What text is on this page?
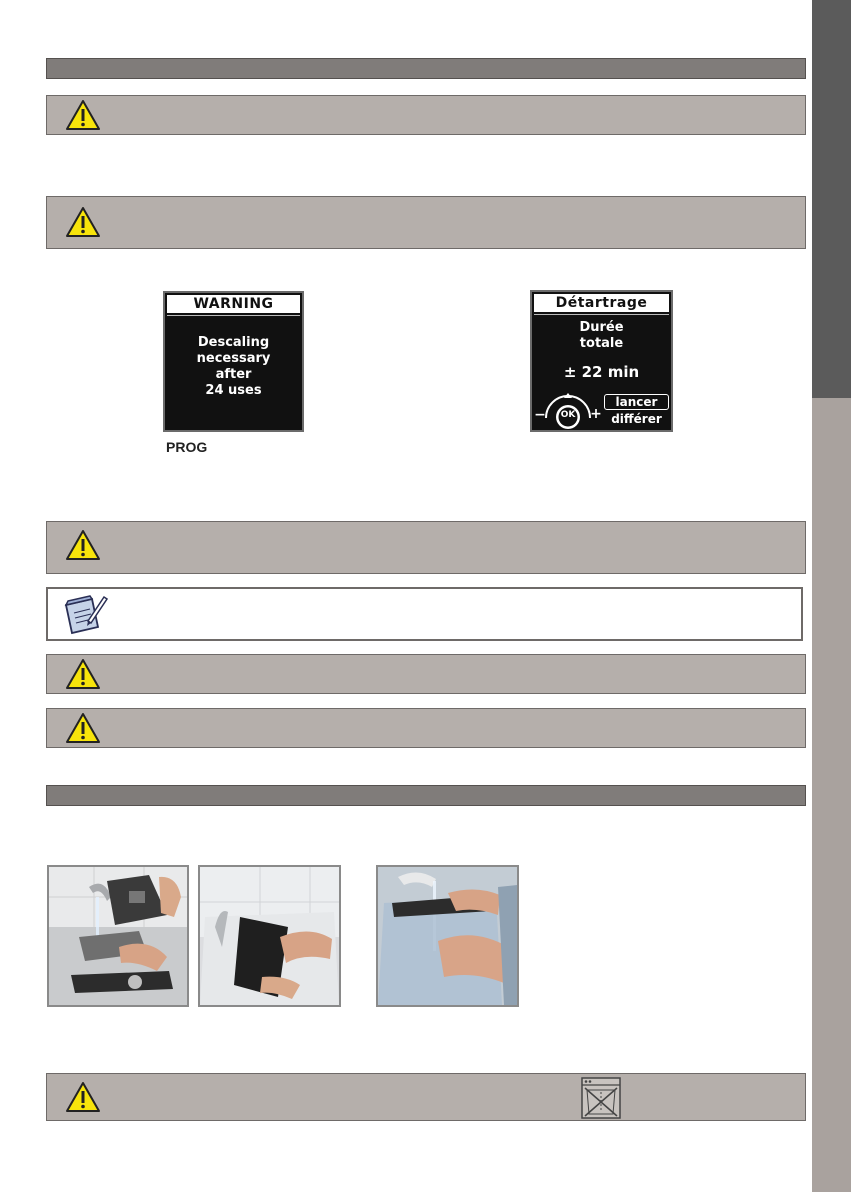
WARNING
Descaling
necessary
after
24 uses
PROG
Détartrage
Durée
totale
± 22 min
OK
−	+
lancer
différer
